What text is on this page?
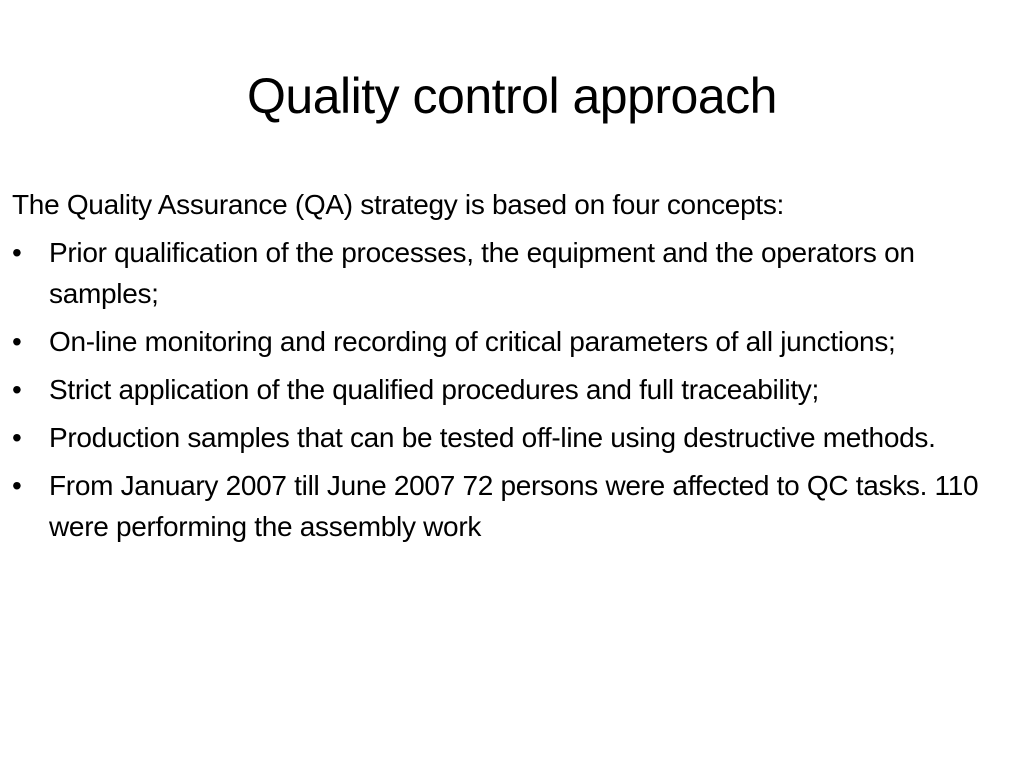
Quality control approach
The Quality Assurance (QA) strategy is based on four concepts:
• Prior qualification of the processes, the equipment and the operators on samples;
• On-line monitoring and recording of critical parameters of all junctions;
• Strict application of the qualified procedures and full traceability;
• Production samples that can be tested off-line using destructive methods.
• From January 2007 till June 2007 72 persons were affected to QC tasks. 110 were performing the assembly work
